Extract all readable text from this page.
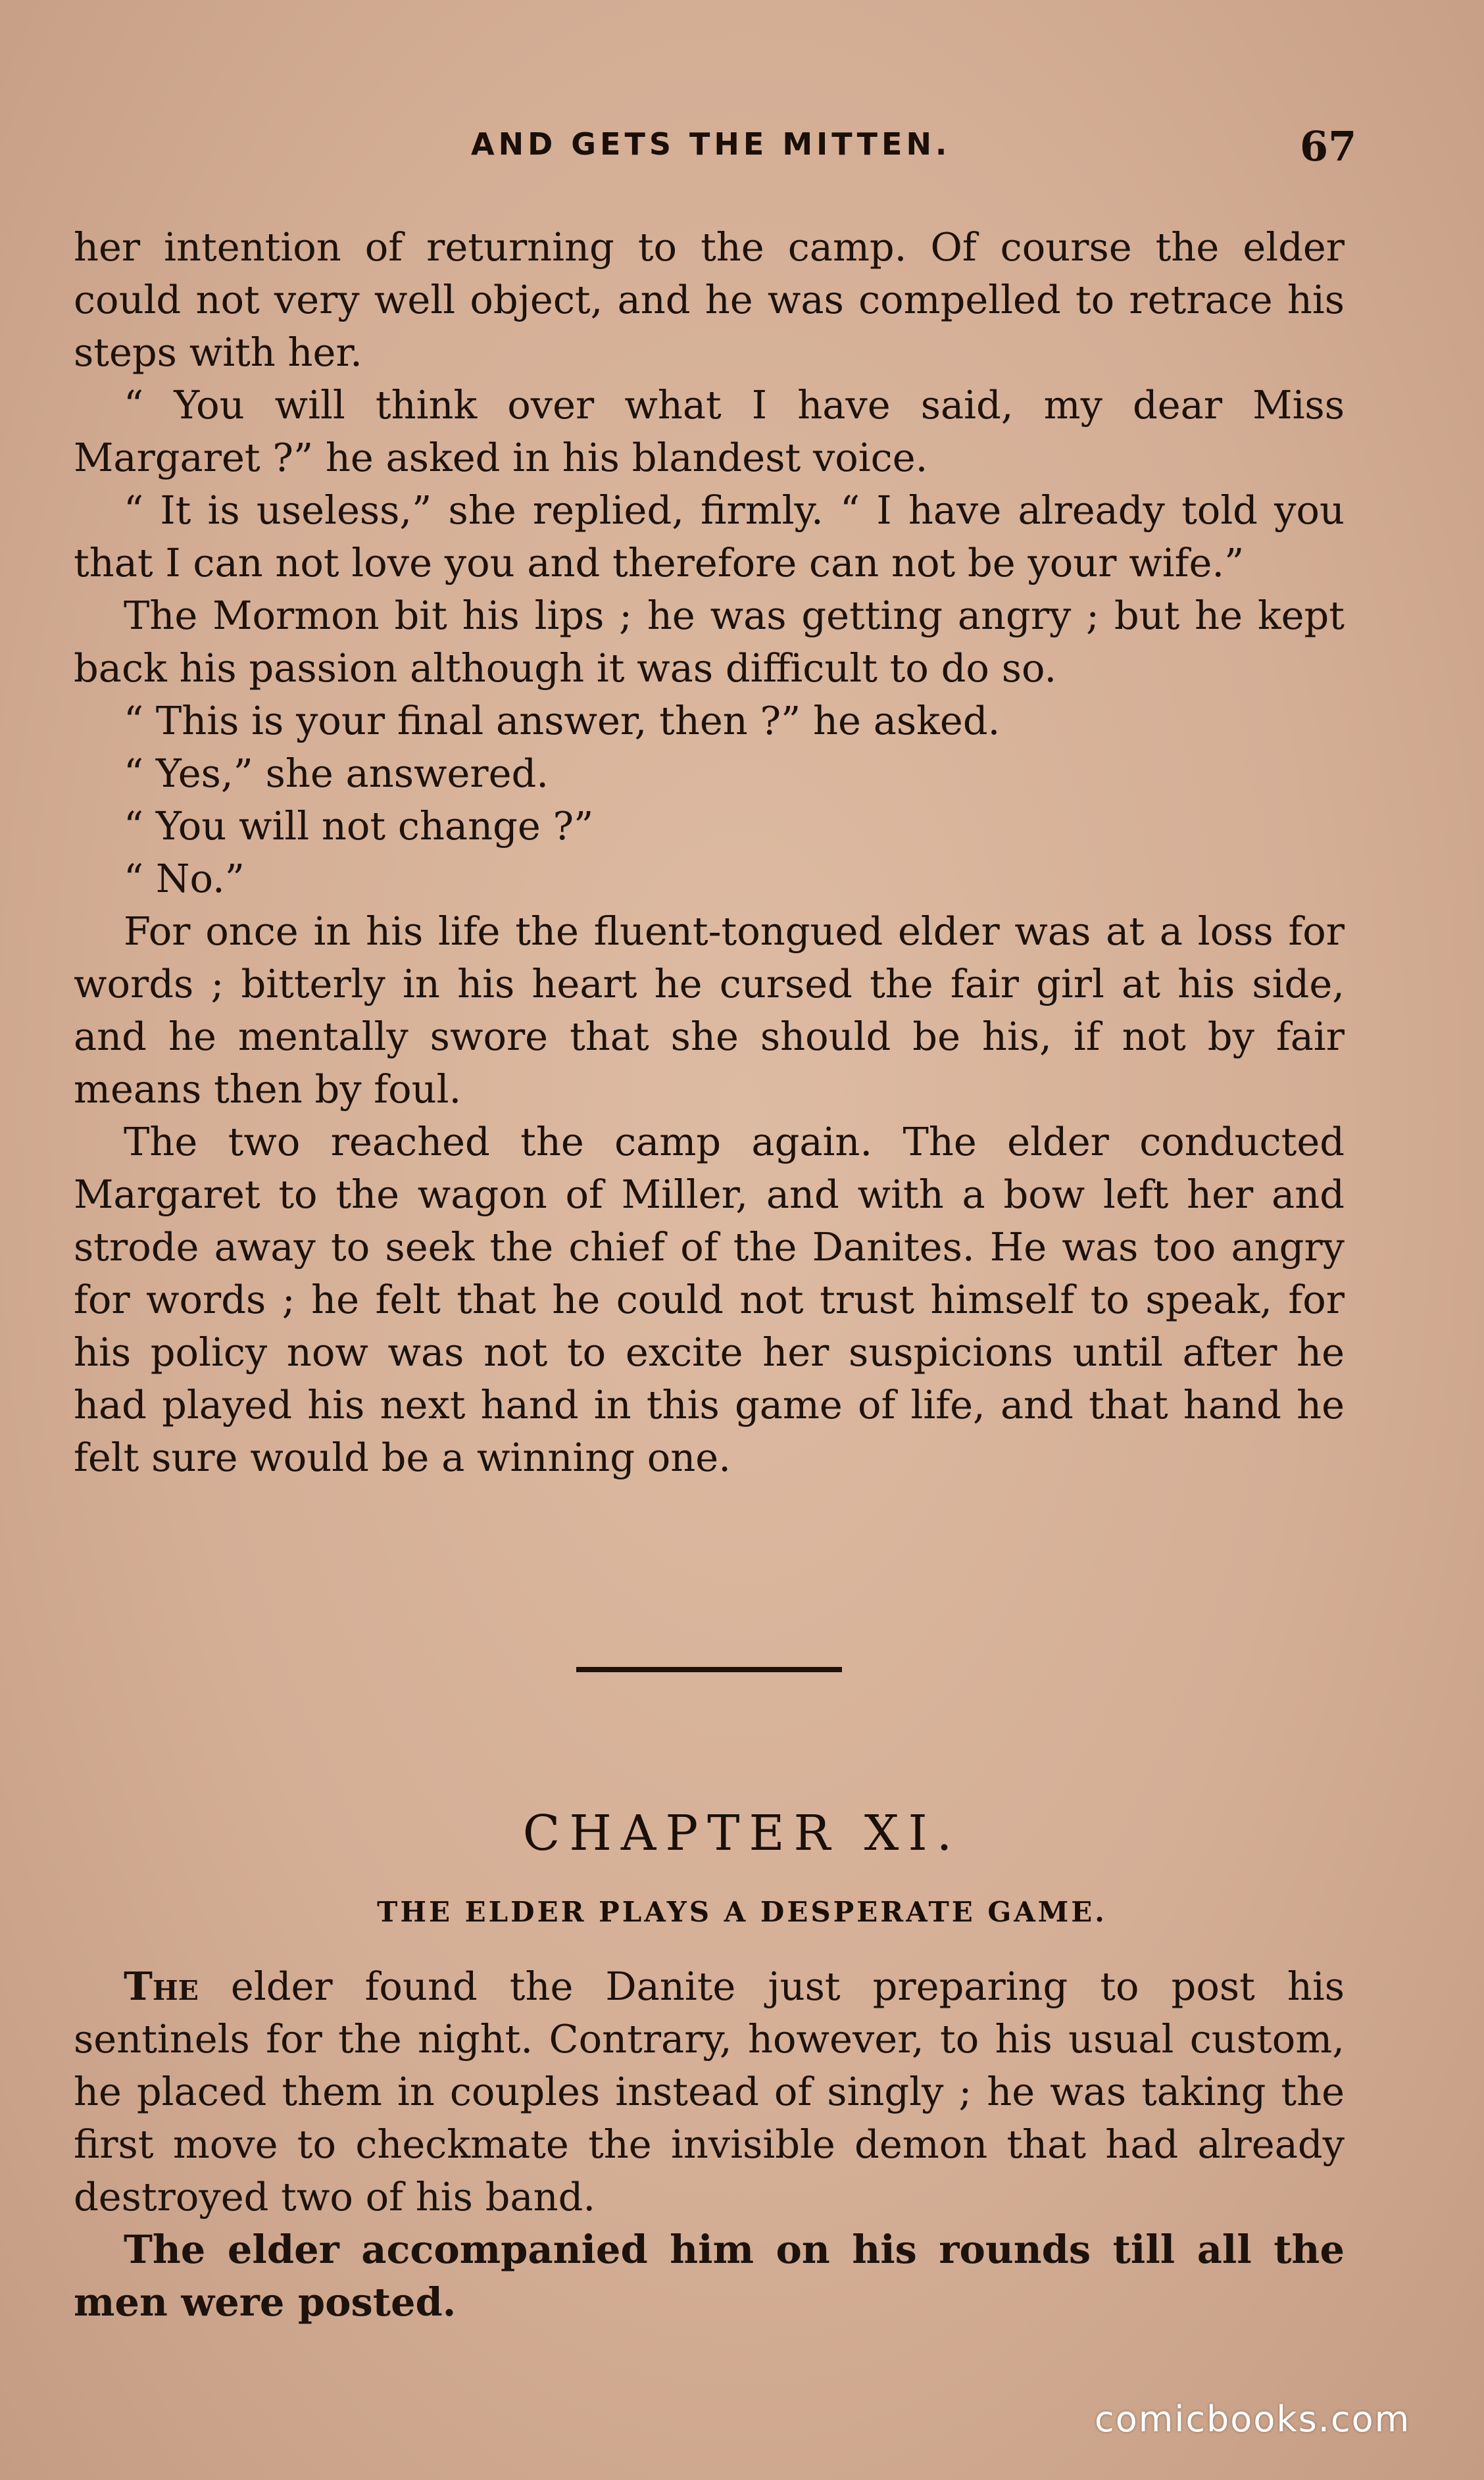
AND GETS THE MITTEN.	67

her intention of returning to the camp. Of course the elder could not very well object, and he was compelled to retrace his steps with her.

“ You will think over what I have said, my dear Miss Margaret ?” he asked in his blandest voice.

“ It is useless,” she replied, firmly. “ I have already told you that I can not love you and therefore can not be your wife.”

The Mormon bit his lips ; he was getting angry ; but he kept back his passion although it was difficult to do so.

“ This is your final answer, then ?” he asked.

“ Yes,” she answered.

“ You will not change ?”

“ No.”

For once in his life the fluent-tongued elder was at a loss for words ; bitterly in his heart he cursed the fair girl at his side, and he mentally swore that she should be his, if not by fair means then by foul.

The two reached the camp again. The elder conducted Margaret to the wagon of Miller, and with a bow left her and strode away to seek the chief of the Danites. He was too angry for words ; he felt that he could not trust himself to speak, for his policy now was not to excite her suspicions until after he had played his next hand in this game of life, and that hand he felt sure would be a winning one.

CHAPTER XI.
THE ELDER PLAYS A DESPERATE GAME.

The elder found the Danite just preparing to post his sentinels for the night. Contrary, however, to his usual custom, he placed them in couples instead of singly ; he was taking the first move to checkmate the invisible demon that had already destroyed two of his band.

The elder accompanied him on his rounds till all the men were posted.

comicbooks.com
